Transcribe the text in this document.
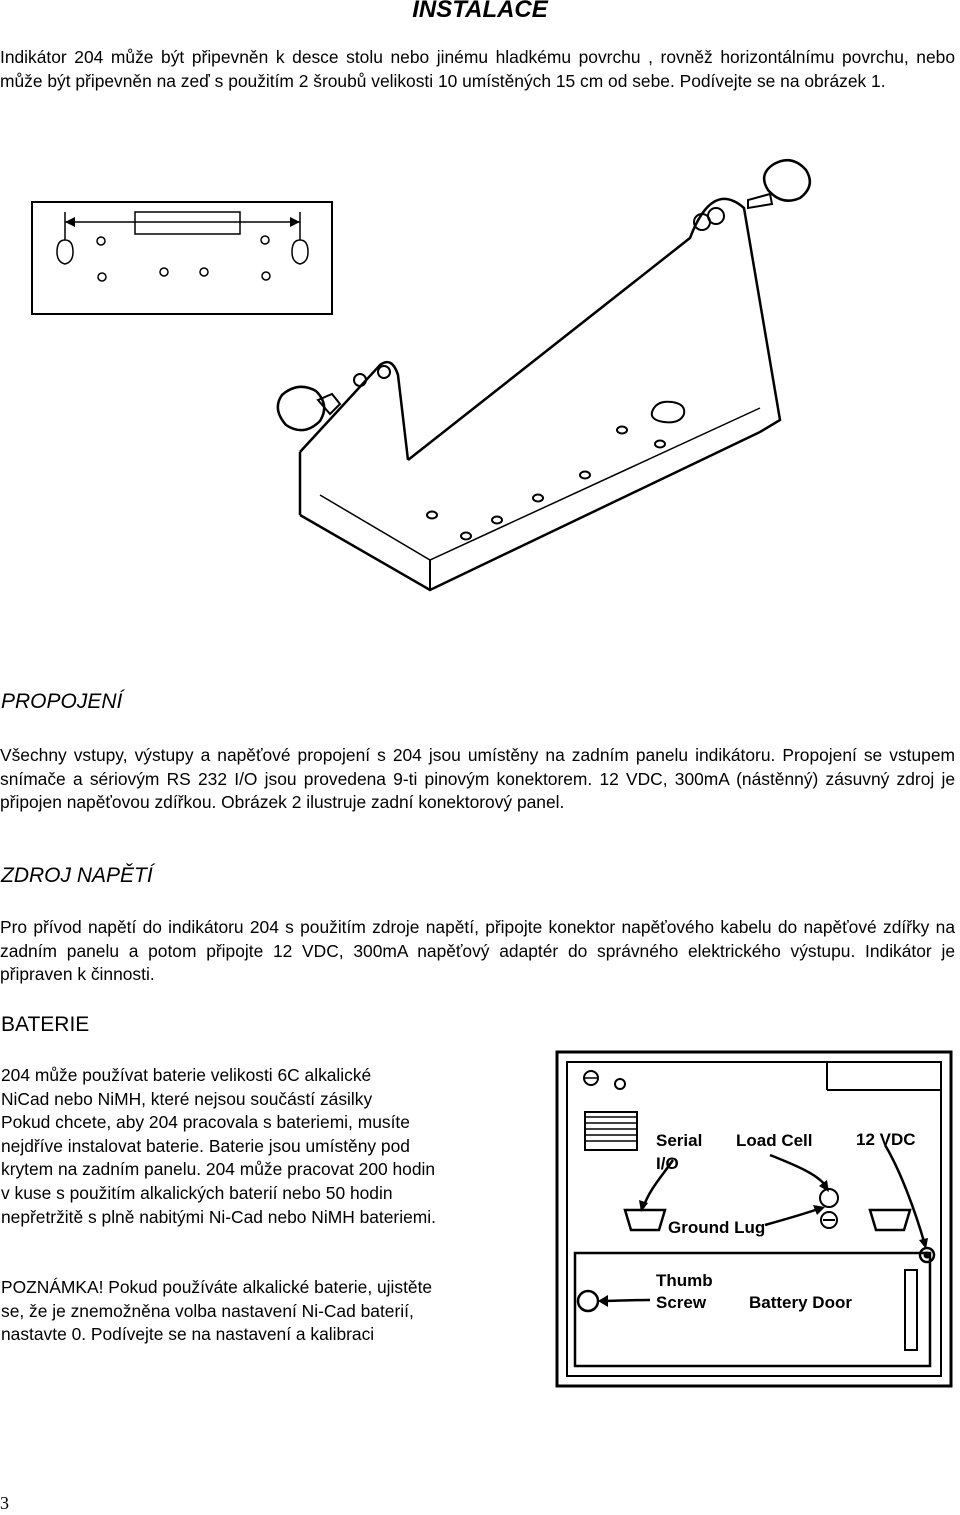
INSTALACE

Indikátor 204 může být připevněn k desce stolu nebo jinému hladkému povrchu , rovněž horizontálnímu povrchu, nebo může být připevněn na zeď s použitím 2 šroubů velikosti 10 umístěných 15 cm od sebe. Podívejte se na obrázek 1.

PROPOJENÍ

Všechny vstupy, výstupy a napěťové propojení s 204 jsou umístěny na zadním panelu indikátoru. Propojení se vstupem snímače a sériovým RS 232 I/O jsou provedena 9-ti pinovým konektorem. 12 VDC, 300mA (nástěnný) zásuvný zdroj je připojen napěťovou zdířkou. Obrázek 2 ilustruje zadní konektorový panel.

ZDROJ NAPĚTÍ

Pro přívod napětí do indikátoru 204 s použitím zdroje napětí, připojte konektor napěťového kabelu do napěťové zdířky na zadním panelu a potom připojte 12 VDC, 300mA napěťový adaptér do správného elektrického výstupu. Indikátor je připraven k činnosti.

BATERIE
204 může používat baterie velikosti 6C alkalické
NiCad nebo NiMH, které nejsou součástí zásilky
Pokud chcete, aby 204 pracovala s bateriemi, musíte
nejdříve instalovat baterie. Baterie jsou umístěny pod
krytem na zadním panelu. 204 může pracovat 200 hodin
v kuse s použitím alkalických baterií nebo 50 hodin
nepřetržitě s plně nabitými Ni-Cad nebo NiMH bateriemi.
POZNÁMKA! Pokud používáte alkalické baterie, ujistěte
se, že je znemožněna volba nastavení Ni-Cad baterií,
nastavte 0. Podívejte se na nastavení a kalibraci
Serial
I/O
Load Cell	12 VDC
Ground Lug
Thumb
Screw	Battery Door
3
